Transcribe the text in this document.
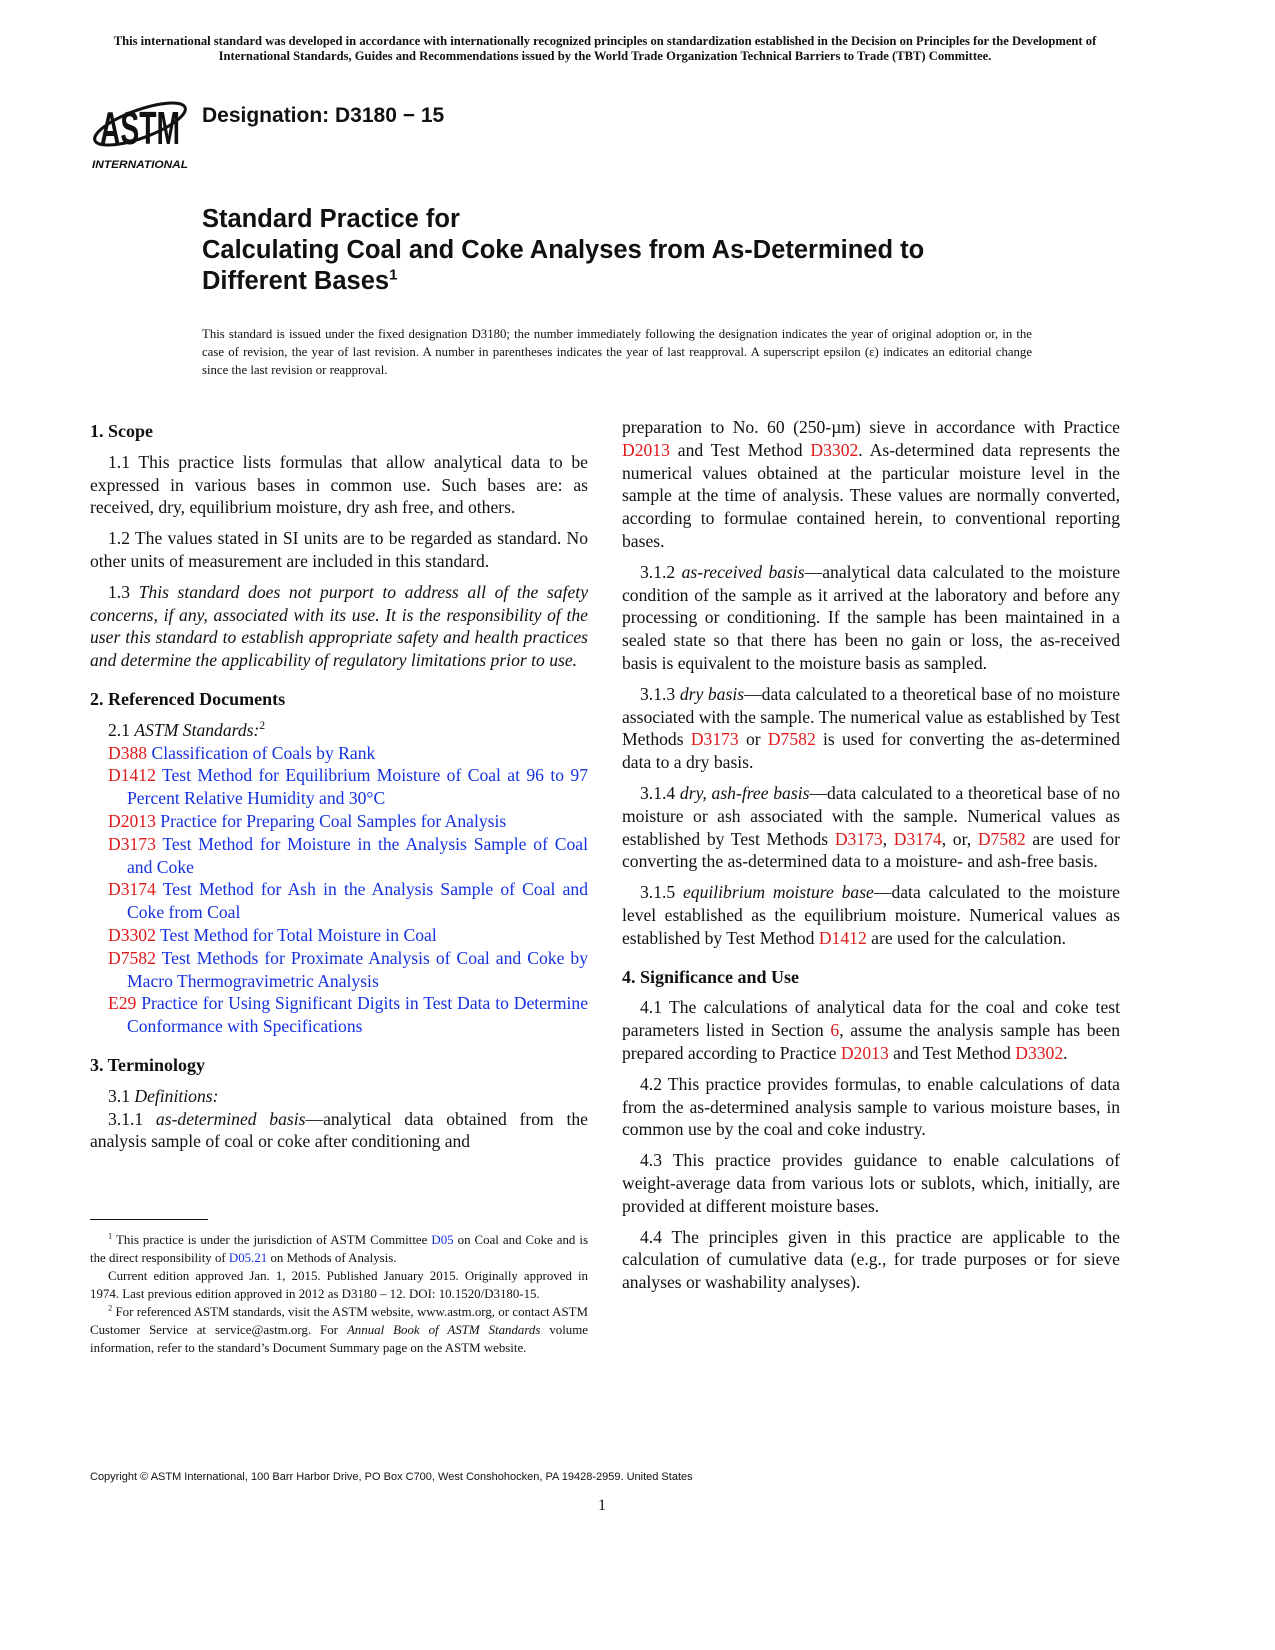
This international standard was developed in accordance with internationally recognized principles on standardization established in the Decision on Principles for the Development of International Standards, Guides and Recommendations issued by the World Trade Organization Technical Barriers to Trade (TBT) Committee.
ASTM
INTERNATIONAL
Designation: D3180 − 15
Standard Practice for
Calculating Coal and Coke Analyses from As-Determined to
Different Bases$^1$
This standard is issued under the fixed designation D3180; the number immediately following the designation indicates the year of original adoption or, in the case of revision, the year of last revision. A number in parentheses indicates the year of last reapproval. A superscript epsilon (ε) indicates an editorial change since the last revision or reapproval.
1. Scope

1.1 This practice lists formulas that allow analytical data to be expressed in various bases in common use. Such bases are: as received, dry, equilibrium moisture, dry ash free, and others.

1.2 The values stated in SI units are to be regarded as standard. No other units of measurement are included in this standard.

1.3 This standard does not purport to address all of the safety concerns, if any, associated with its use. It is the responsibility of the user this standard to establish appropriate safety and health practices and determine the applicability of regulatory limitations prior to use.

2. Referenced Documents

2.1 ASTM Standards:$^2$

D388 Classification of Coals by Rank

D1412 Test Method for Equilibrium Moisture of Coal at 96 to 97 Percent Relative Humidity and 30°C

D2013 Practice for Preparing Coal Samples for Analysis

D3173 Test Method for Moisture in the Analysis Sample of Coal and Coke

D3174 Test Method for Ash in the Analysis Sample of Coal and Coke from Coal

D3302 Test Method for Total Moisture in Coal

D7582 Test Methods for Proximate Analysis of Coal and Coke by Macro Thermogravimetric Analysis

E29 Practice for Using Significant Digits in Test Data to Determine Conformance with Specifications

3. Terminology

3.1 Definitions:

3.1.1 as-determined basis—analytical data obtained from the analysis sample of coal or coke after conditioning and

preparation to No. 60 (250-µm) sieve in accordance with Practice D2013 and Test Method D3302. As-determined data represents the numerical values obtained at the particular moisture level in the sample at the time of analysis. These values are normally converted, according to formulae contained herein, to conventional reporting bases.

3.1.2 as-received basis—analytical data calculated to the moisture condition of the sample as it arrived at the laboratory and before any processing or conditioning. If the sample has been maintained in a sealed state so that there has been no gain or loss, the as-received basis is equivalent to the moisture basis as sampled.

3.1.3 dry basis—data calculated to a theoretical base of no moisture associated with the sample. The numerical value as established by Test Methods D3173 or D7582 is used for converting the as-determined data to a dry basis.

3.1.4 dry, ash-free basis—data calculated to a theoretical base of no moisture or ash associated with the sample. Numerical values as established by Test Methods D3173, D3174, or, D7582 are used for converting the as-determined data to a moisture- and ash-free basis.

3.1.5 equilibrium moisture base—data calculated to the moisture level established as the equilibrium moisture. Numerical values as established by Test Method D1412 are used for the calculation.

4. Significance and Use

4.1 The calculations of analytical data for the coal and coke test parameters listed in Section 6, assume the analysis sample has been prepared according to Practice D2013 and Test Method D3302.

4.2 This practice provides formulas, to enable calculations of data from the as-determined analysis sample to various moisture bases, in common use by the coal and coke industry.

4.3 This practice provides guidance to enable calculations of weight-average data from various lots or sublots, which, initially, are provided at different moisture bases.

4.4 The principles given in this practice are applicable to the calculation of cumulative data (e.g., for trade purposes or for sieve analyses or washability analyses).

$^1$ This practice is under the jurisdiction of ASTM Committee D05 on Coal and Coke and is the direct responsibility of D05.21 on Methods of Analysis.

Current edition approved Jan. 1, 2015. Published January 2015. Originally approved in 1974. Last previous edition approved in 2012 as D3180 – 12. DOI: 10.1520/D3180-15.

$^2$ For referenced ASTM standards, visit the ASTM website, www.astm.org, or contact ASTM Customer Service at service@astm.org. For Annual Book of ASTM Standards volume information, refer to the standard’s Document Summary page on the ASTM website.

Copyright © ASTM International, 100 Barr Harbor Drive, PO Box C700, West Conshohocken, PA 19428-2959. United States
1
